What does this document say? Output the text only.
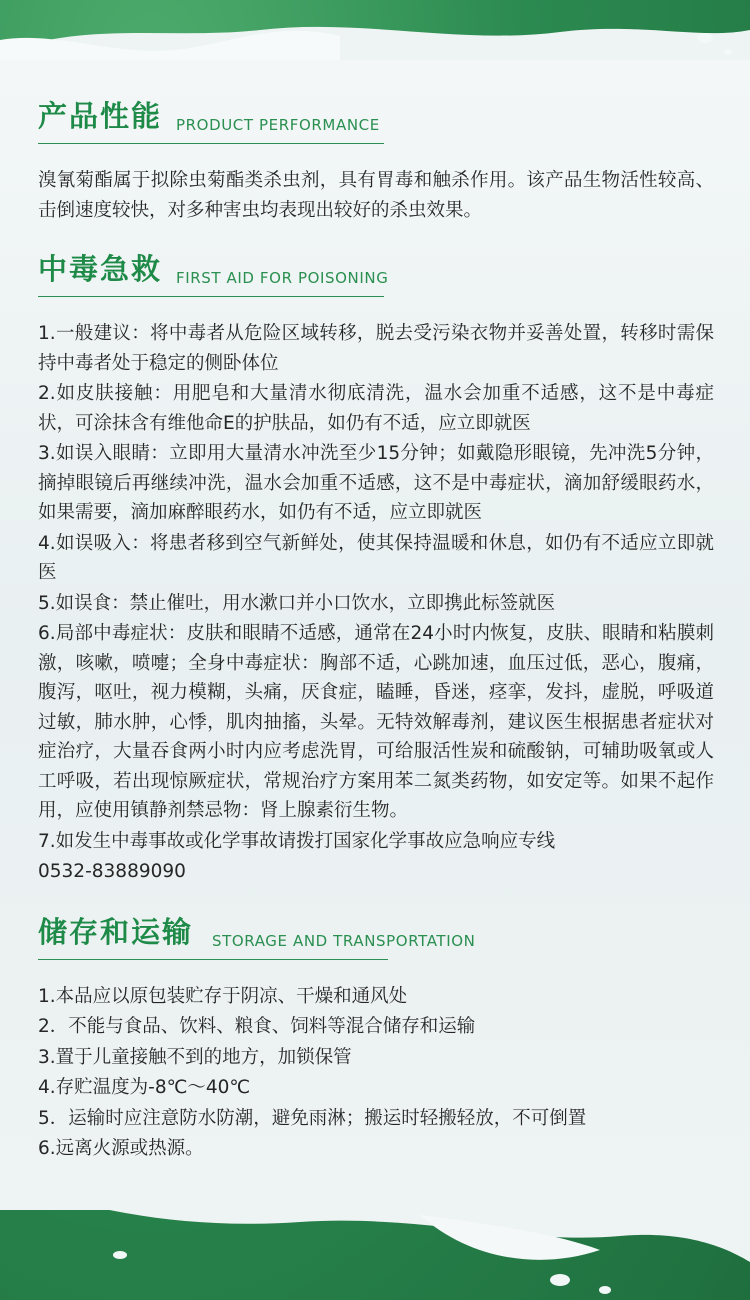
产品性能 PRODUCT PERFORMANCE

溴氰菊酯属于拟除虫菊酯类杀虫剂，具有胃毒和触杀作用。该产品生物活性较高、击倒速度较快，对多种害虫均表现出较好的杀虫效果。

中毒急救 FIRST AID FOR POISONING
1.一般建议：将中毒者从危险区域转移，脱去受污染衣物并妥善处置，转移时需保持中毒者处于稳定的侧卧体位
2.如皮肤接触：用肥皂和大量清水彻底清洗，温水会加重不适感，这不是中毒症状，可涂抹含有维他命E的护肤品，如仍有不适，应立即就医
3.如误入眼睛：立即用大量清水冲洗至少15分钟；如戴隐形眼镜，先冲洗5分钟，摘掉眼镜后再继续冲洗，温水会加重不适感，这不是中毒症状，滴加舒缓眼药水，如果需要，滴加麻醉眼药水，如仍有不适，应立即就医
4.如误吸入：将患者移到空气新鲜处，使其保持温暖和休息，如仍有不适应立即就医
5.如误食：禁止催吐，用水漱口并小口饮水，立即携此标签就医
6.局部中毒症状：皮肤和眼睛不适感，通常在24小时内恢复，皮肤、眼睛和粘膜刺激，咳嗽，喷嚏；全身中毒症状：胸部不适，心跳加速，血压过低，恶心，腹痛，腹泻，呕吐，视力模糊，头痛，厌食症，瞌睡，昏迷，痉挛，发抖，虚脱，呼吸道过敏，肺水肿，心悸，肌肉抽搐，头晕。无特效解毒剂，建议医生根据患者症状对症治疗，大量吞食两小时内应考虑洗胃，可给服活性炭和硫酸钠，可辅助吸氧或人工呼吸，若出现惊厥症状，常规治疗方案用苯二氮类药物，如安定等。如果不起作用，应使用镇静剂禁忌物：肾上腺素衍生物。
7.如发生中毒事故或化学事故请拨打国家化学事故应急响应专线
0532-83889090
储存和运输 STORAGE AND TRANSPORTATION
1.本品应以原包装贮存于阴凉、干燥和通风处
2．不能与食品、饮料、粮食、饲料等混合储存和运输
3.置于儿童接触不到的地方，加锁保管
4.存贮温度为-8℃～40℃
5．运输时应注意防水防潮，避免雨淋；搬运时轻搬轻放，不可倒置
6.远离火源或热源。
